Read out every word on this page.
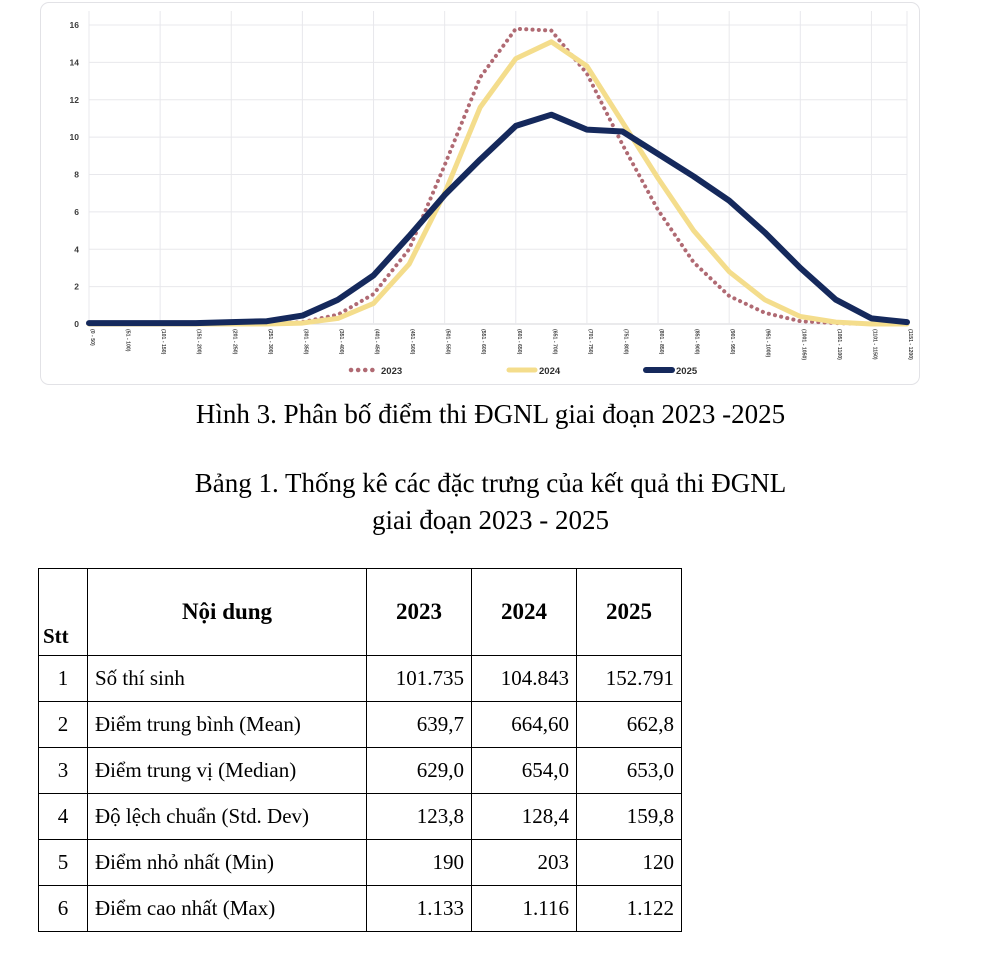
0
2
4
6
8
10
12
14
16
(0 - 50)	(51 - 100)	(101 - 150)	(151 - 200)	(201 - 250)	(251 - 300)	(301 - 350)	(351 - 400)	(401 - 450)	(451 - 500)	(501 - 550)	(551 - 600)	(601 - 650)	(651 - 700)	(701 - 750)	(751 - 800)	(801 - 850)	(851 - 900)	(901 - 950)	(951 - 1000)	(1001 - 1050)	(1051 - 1100)	(1101 - 1150)	(1151 - 1200)
2023	2024	2025
Hình 3. Phân bố điểm thi ĐGNL giai đoạn 2023 -2025
Bảng 1. Thống kê các đặc trưng của kết quả thi ĐGNL
giai đoạn 2023 - 2025
Stt	Nội dung	2023	2024	2025
1	Số thí sinh	101.735	104.843	152.791
2	Điểm trung bình (Mean)	639,7	664,60	662,8
3	Điểm trung vị (Median)	629,0	654,0	653,0
4	Độ lệch chuẩn (Std. Dev)	123,8	128,4	159,8
5	Điểm nhỏ nhất (Min)	190	203	120
6	Điểm cao nhất (Max)	1.133	1.116	1.122
